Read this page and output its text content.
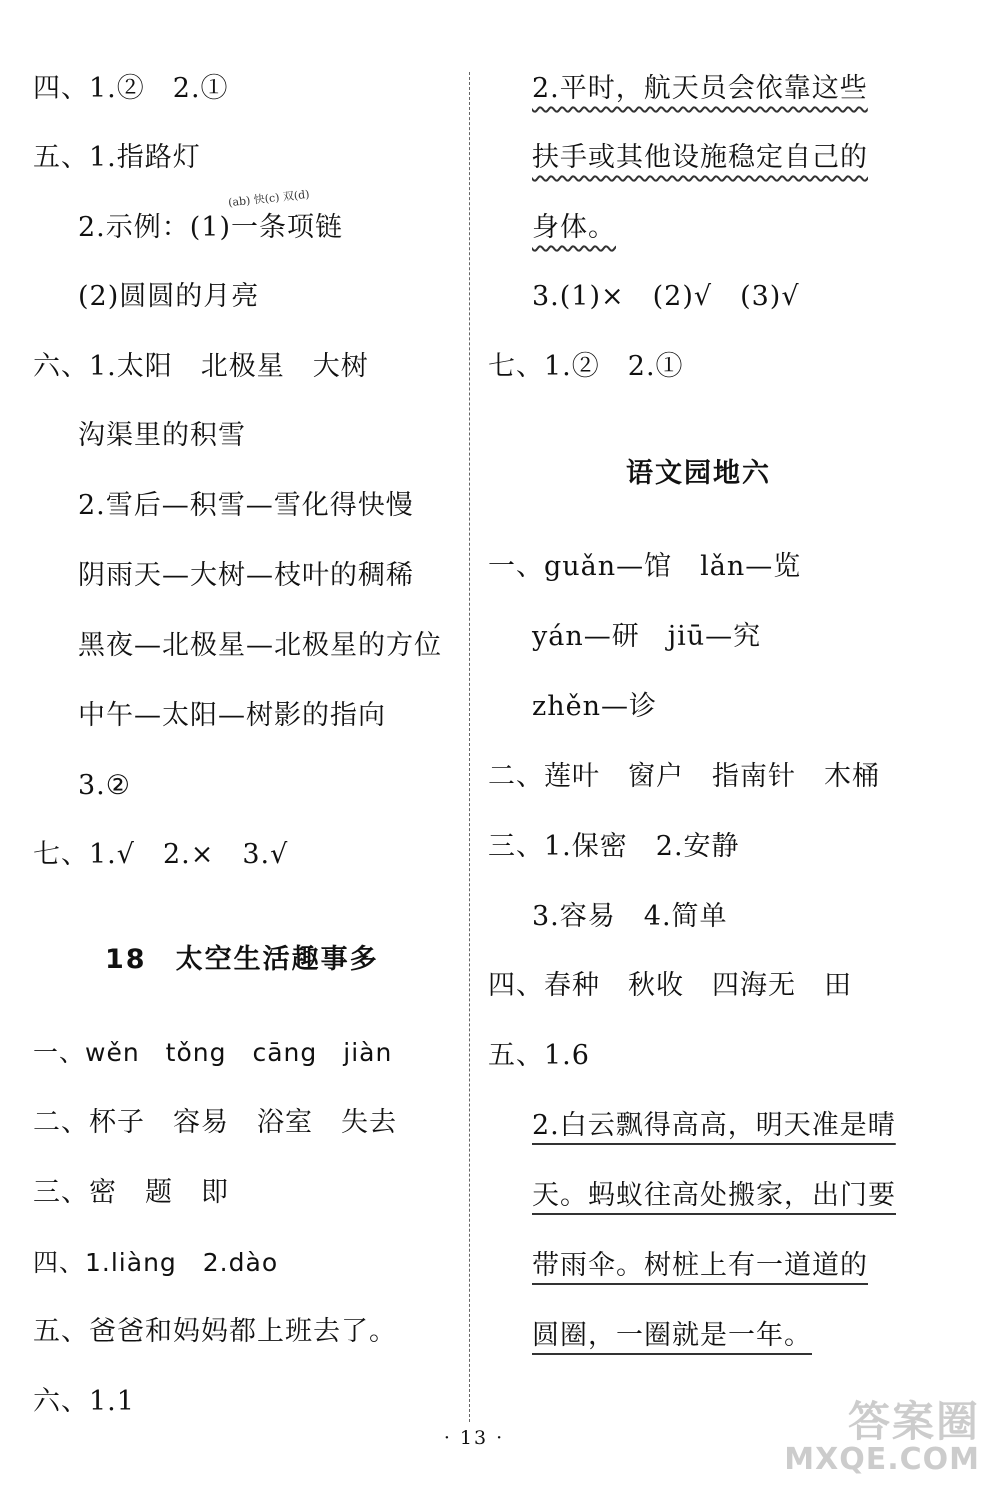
四、1.②　2.①
五、1.指路灯
(ab) 快(c) 双(d)
2.示例：(1)一条项链
(2)圆圆的月亮
六、1.太阳　北极星　大树
沟渠里的积雪
2.雪后—积雪—雪化得快慢
阴雨天—大树—枝叶的稠稀
黑夜—北极星—北极星的方位
中午—太阳—树影的指向
3.②
七、1.√　2.×　3.√
18　太空生活趣事多
一、wěn　tǒng　cāng　jiàn
二、杯子　容易　浴室　失去
三、密　题　即
四、1.liàng　2.dào
五、爸爸和妈妈都上班去了。
六、1.1
2.平时，航天员会依靠这些
扶手或其他设施稳定自己的
身体。
3.(1)×　(2)√　(3)√
七、1.②　2.①
语文园地六
一、guǎn—馆　lǎn—览
yán—研　jiū—究
zhěn—诊
二、莲叶　窗户　指南针　木桶
三、1.保密　2.安静
3.容易　4.简单
四、春种　秋收　四海无　田
五、1.6
2.白云飘得高高，明天准是晴
天。蚂蚁往高处搬家，出门要
带雨伞。树桩上有一道道的
圆圈，一圈就是一年。
· 13 ·	答案圈
MXQE.COM
